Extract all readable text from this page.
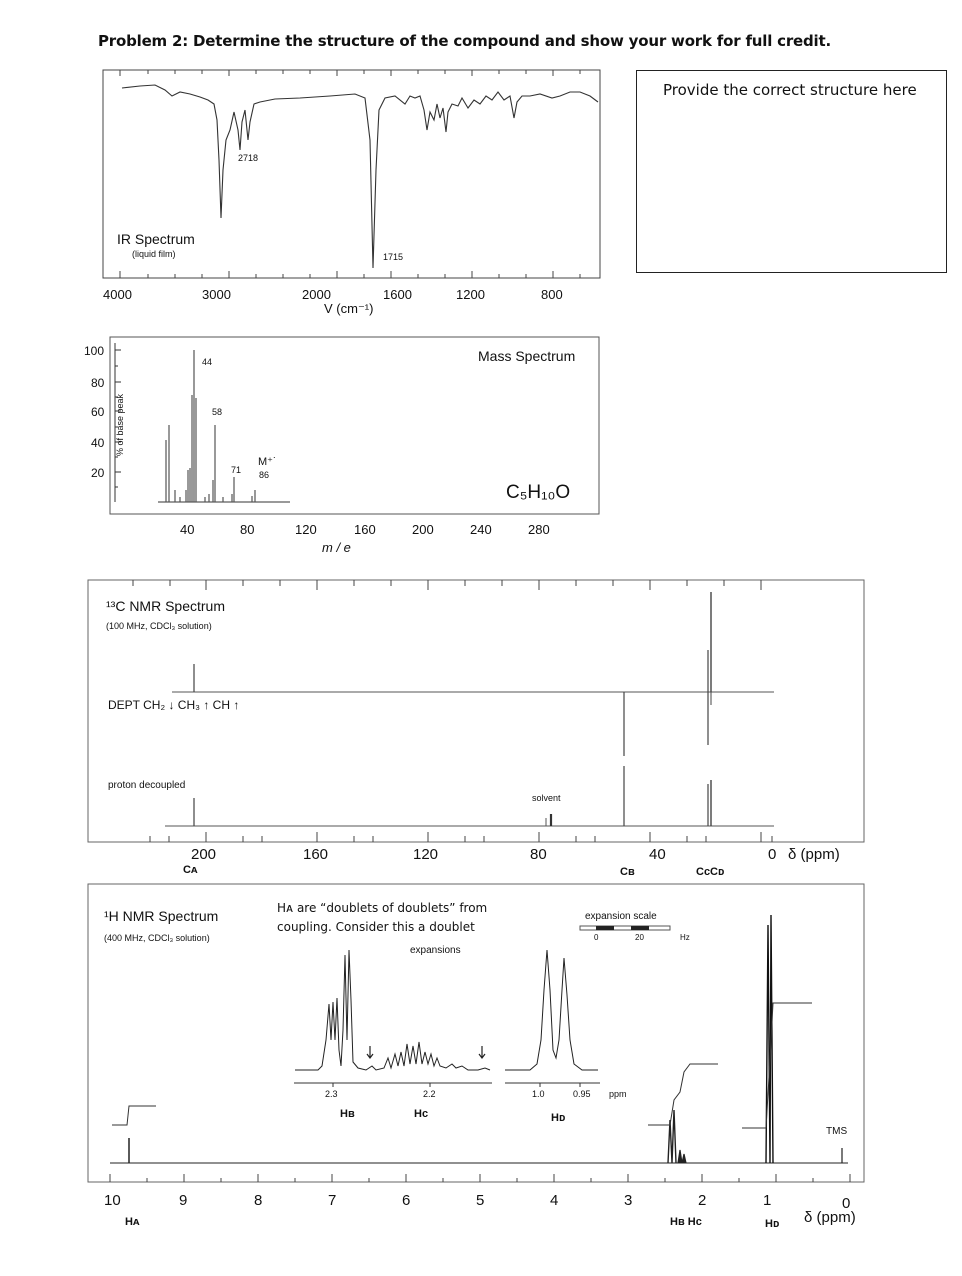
Problem 2: Determine the structure of the compound and show your work for full credit.
Provide the correct structure here
IR Spectrum
(liquid film)
2718
1715
4000	3000	2000	1600	1200	800
V (cm⁻¹)
Mass Spectrum
C₅H₁₀O
100
80
60
40
20
% of base peak
44
58
71
M⁺˙
86
40	80	120	160	200	240	280
m / e
¹³C NMR Spectrum
(100 MHz, CDCl₃ solution)
DEPT CH₂ ↓ CH₃ ↑ CH ↑
proton decoupled
solvent
200	160	120	80	40	0 δ (ppm)
Cᴀ	Cʙ	CᴄCᴅ
¹H NMR Spectrum
(400 MHz, CDCl₃ solution)
Hᴀ are “doublets of doublets” from
coupling. Consider this a doublet
expansions
expansion scale
0	20	Hz
2.3	2.2	1.0	0.95 ppm
Hʙ	Hᴄ	Hᴅ
TMS
10	9	8	7	6	5	4	3	2	1	0
δ (ppm)
Hᴀ	Hʙ Hᴄ	Hᴅ
